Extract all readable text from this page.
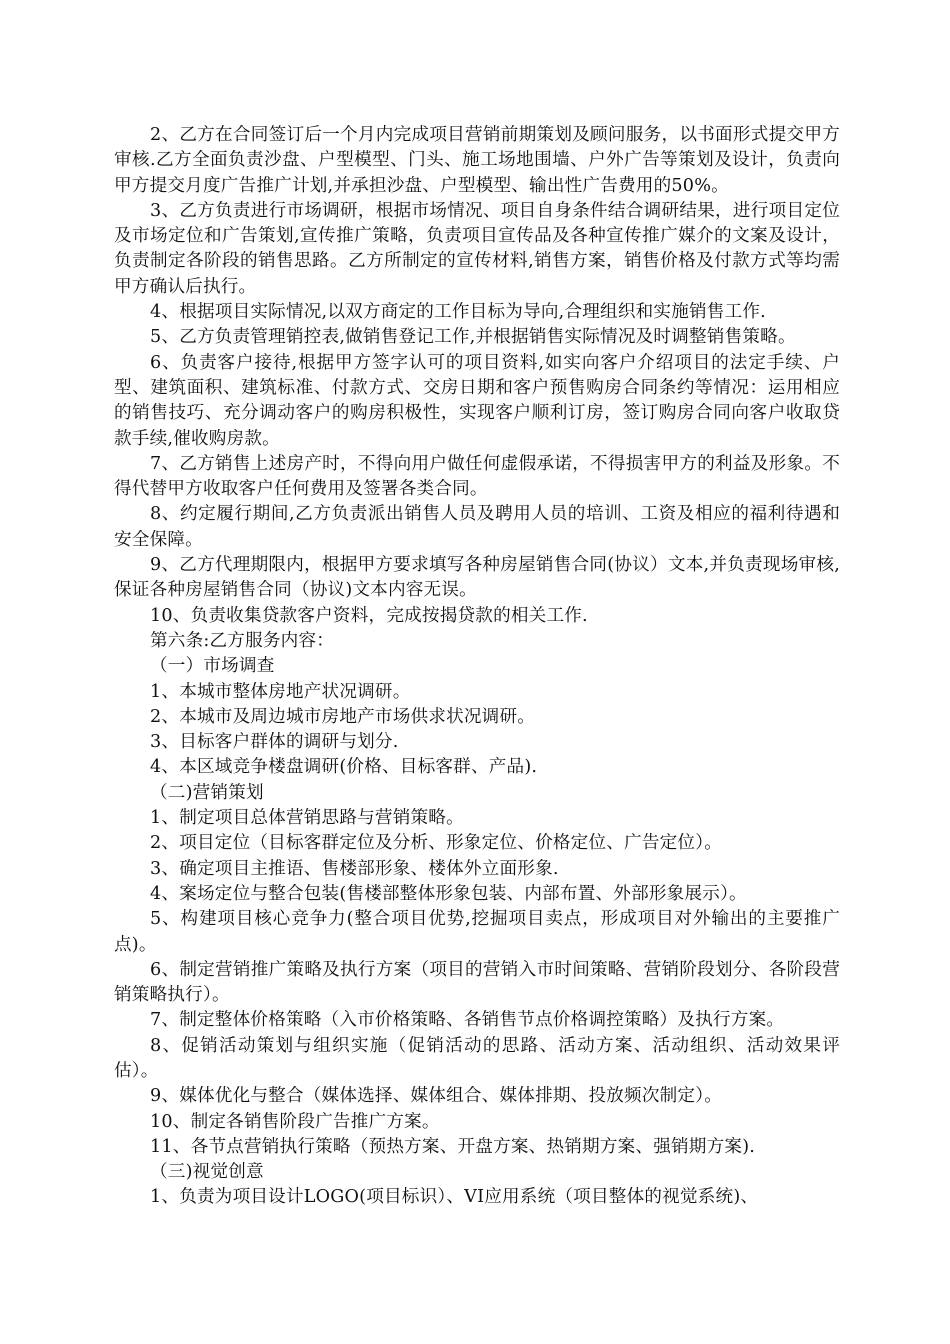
2、乙方在合同签订后一个月内完成项目营销前期策划及顾问服务，以书面形式提交甲方审核.乙方全面负责沙盘、户型模型、门头、施工场地围墙、户外广告等策划及设计，负责向甲方提交月度广告推广计划,并承担沙盘、户型模型、输出性广告费用的50%。

3、乙方负责进行市场调研，根据市场情况、项目自身条件结合调研结果，进行项目定位及市场定位和广告策划,宣传推广策略，负责项目宣传品及各种宣传推广媒介的文案及设计，负责制定各阶段的销售思路。乙方所制定的宣传材料,销售方案，销售价格及付款方式等均需甲方确认后执行。

4、根据项目实际情况,以双方商定的工作目标为导向,合理组织和实施销售工作.

5、乙方负责管理销控表,做销售登记工作,并根据销售实际情况及时调整销售策略。

6、负责客户接待,根据甲方签字认可的项目资料,如实向客户介绍项目的法定手续、户型、建筑面积、建筑标准、付款方式、交房日期和客户预售购房合同条约等情况：运用相应的销售技巧、充分调动客户的购房积极性，实现客户顺利订房，签订购房合同向客户收取贷款手续,催收购房款。

7、乙方销售上述房产时，不得向用户做任何虚假承诺，不得损害甲方的利益及形象。不得代替甲方收取客户任何费用及签署各类合同。

8、约定履行期间,乙方负责派出销售人员及聘用人员的培训、工资及相应的福利待遇和安全保障。

9、乙方代理期限内，根据甲方要求填写各种房屋销售合同(协议）文本,并负责现场审核,保证各种房屋销售合同（协议)文本内容无误。

10、负责收集贷款客户资料，完成按揭贷款的相关工作.

第六条:乙方服务内容：

（一）市场调查

1、本城市整体房地产状况调研。

2、本城市及周边城市房地产市场供求状况调研。

3、目标客户群体的调研与划分.

4、本区域竞争楼盘调研(价格、目标客群、产品).

（二)营销策划

1、制定项目总体营销思路与营销策略。

2、项目定位（目标客群定位及分析、形象定位、价格定位、广告定位）。

3、确定项目主推语、售楼部形象、楼体外立面形象.

4、案场定位与整合包装(售楼部整体形象包装、内部布置、外部形象展示）。

5、构建项目核心竞争力(整合项目优势,挖掘项目卖点，形成项目对外输出的主要推广点)。

6、制定营销推广策略及执行方案（项目的营销入市时间策略、营销阶段划分、各阶段营销策略执行）。

7、制定整体价格策略（入市价格策略、各销售节点价格调控策略）及执行方案。

8、促销活动策划与组织实施（促销活动的思路、活动方案、活动组织、活动效果评估）。

9、媒体优化与整合（媒体选择、媒体组合、媒体排期、投放频次制定）。

10、制定各销售阶段广告推广方案。

11、各节点营销执行策略（预热方案、开盘方案、热销期方案、强销期方案).

（三)视觉创意

1、负责为项目设计LOGO(项目标识）、VI应用系统（项目整体的视觉系统)、
